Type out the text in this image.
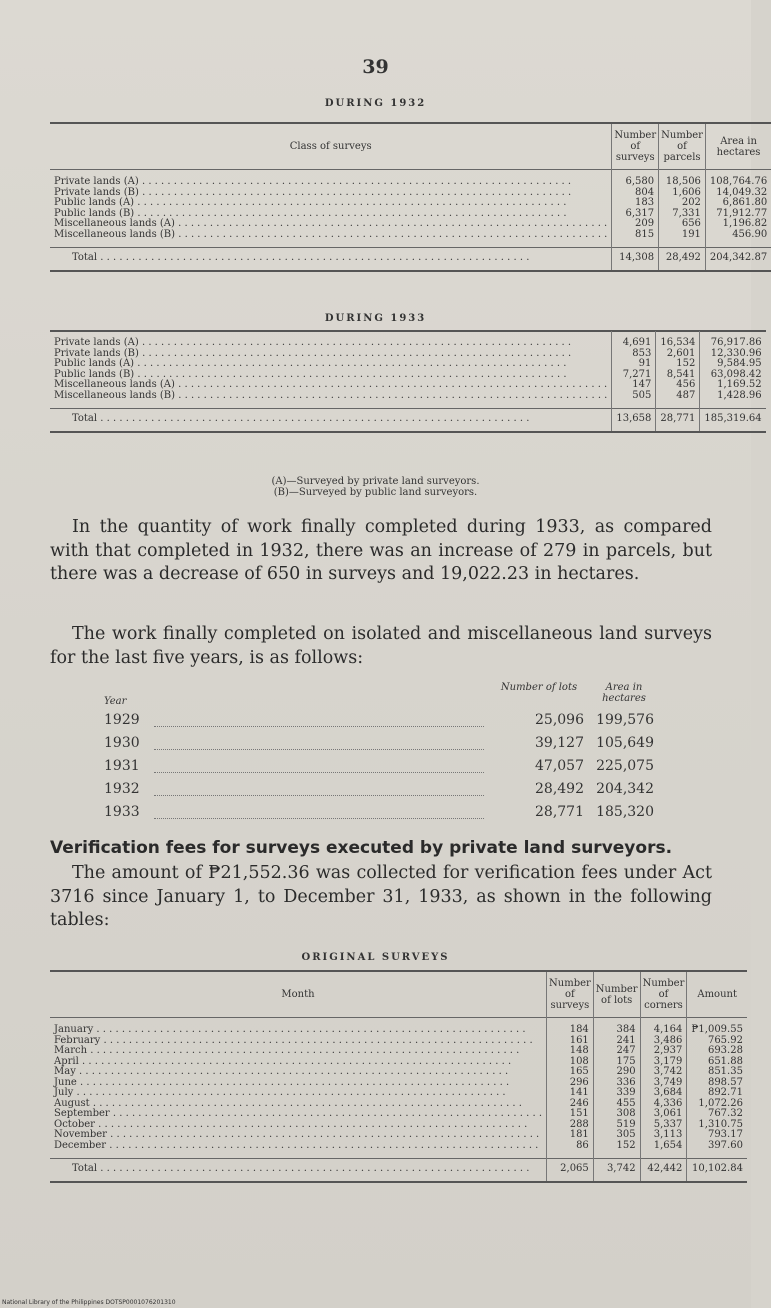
39
DURING 1932
Class of surveys	Number of surveys	Number of parcels	Area in hectares
Private lands (A) . . .	6,580	18,506	108,764.76
Private lands (B) . . .	804	1,606	14,049.32
Public lands (A) . . .	183	202	6,861.80
Public lands (B) . . .	6,317	7,331	71,912.77
Miscellaneous lands (A) . . .	209	656	1,196.82
Miscellaneous lands (B) . . .	815	191	456.90
Total . . .	14,308	28,492	204,342.87
DURING 1933

Private lands (A) . . .	4,691	16,534	76,917.86
Private lands (B) . . .	853	2,601	12,330.96
Public lands (A) . . .	91	152	9,584.95
Public lands (B) . . .	7,271	8,541	63,098.42
Miscellaneous lands (A) . . .	147	456	1,169.52
Miscellaneous lands (B) . . .	505	487	1,428.96
Total . . .	13,658	28,771	185,319.64
(A)—Surveyed by private land surveyors.
(B)—Surveyed by public land surveyors.
In the quantity of work finally completed during 1933, as compared with that completed in 1932, there was an increase of 279 in parcels, but there was a decrease of 650 in surveys and 19,022.23 in hectares.
The work finally completed on isolated and miscellaneous land surveys for the last five years, is as follows:
Year
Number of lots	Area in hectares
1929	25,096 199,576
1930	39,127 105,649
1931	47,057 225,075
1932	28,492 204,342
1933	28,771 185,320
Verification fees for surveys executed by private land surveyors.
The amount of ₱21,552.36 was collected for verification fees under Act 3716 since January 1, to December 31, 1933, as shown in the following tables:
ORIGINAL SURVEYS
Month	Number of surveys	Number of lots	Number of corners	Amount
January . . .	184	384	4,164	₱1,009.55
February . . .	161	241	3,486	765.92
March . . .	148	247	2,937	693.28
April . . .	108	175	3,179	651.88
May . . .	165	290	3,742	851.35
June . . .	296	336	3,749	898.57
July . . .	141	339	3,684	892.71
August . . .	246	455	4,336	1,072.26
September . . .	151	308	3,061	767.32
October . . .	288	519	5,337	1,310.75
November . . .	181	305	3,113	793.17
December . . .	86	152	1,654	397.60
Total . . .	2,065	3,742	42,442	10,102.84
National Library of the Philippines DOTSP0001076201310
